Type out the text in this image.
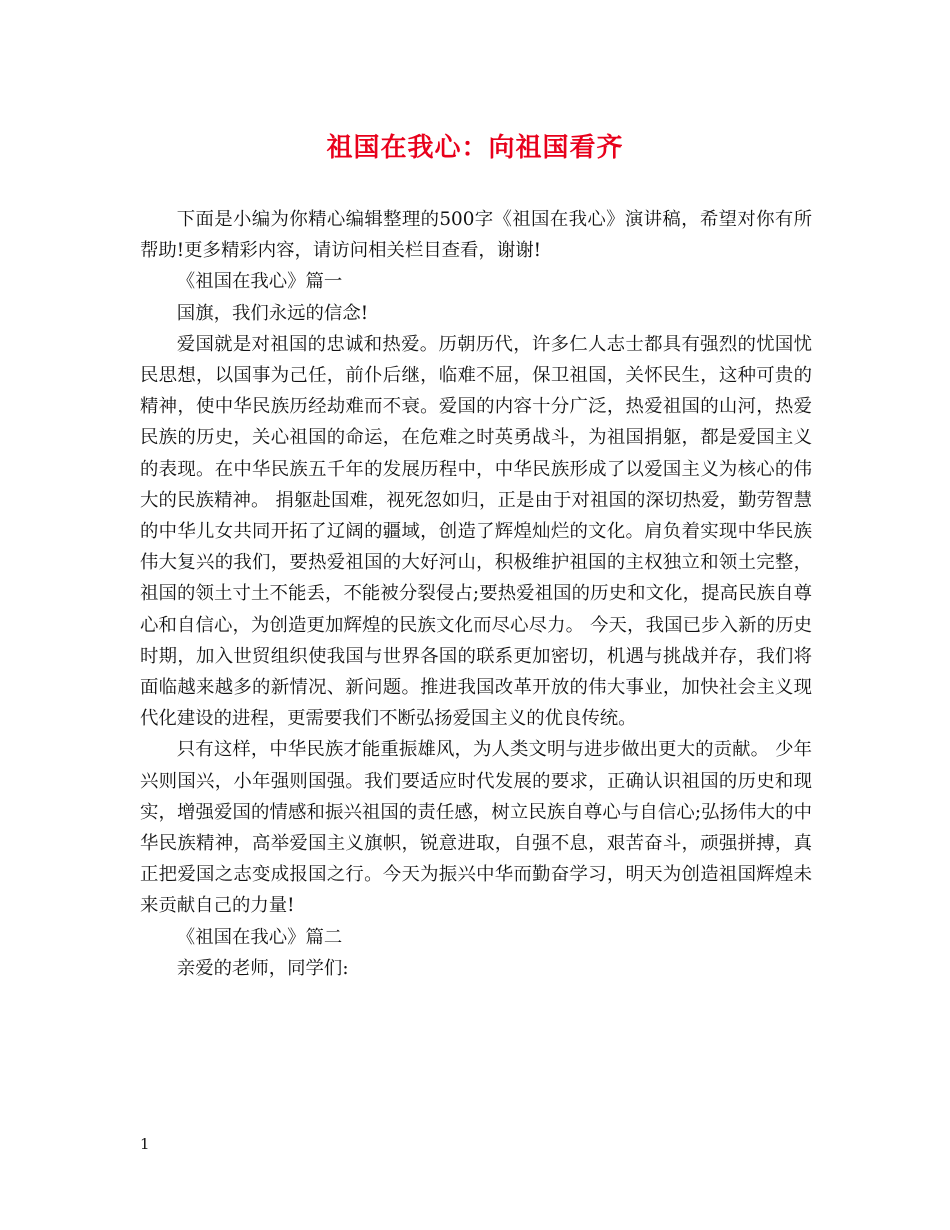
祖国在我心：向祖国看齐

下面是小编为你精心编辑整理的500字《祖国在我心》演讲稿，希望对你有所帮助!更多精彩内容，请访问相关栏目查看，谢谢!

《祖国在我心》篇一

国旗，我们永远的信念!

爱国就是对祖国的忠诚和热爱。历朝历代，许多仁人志士都具有强烈的忧国忧民思想，以国事为己任，前仆后继，临难不屈，保卫祖国，关怀民生，这种可贵的精神，使中华民族历经劫难而不衰。爱国的内容十分广泛，热爱祖国的山河，热爱民族的历史，关心祖国的命运，在危难之时英勇战斗，为祖国捐躯，都是爱国主义的表现。在中华民族五千年的发展历程中，中华民族形成了以爱国主义为核心的伟大的民族精神。 捐躯赴国难，视死忽如归，正是由于对祖国的深切热爱，勤劳智慧的中华儿女共同开拓了辽阔的疆域，创造了辉煌灿烂的文化。肩负着实现中华民族伟大复兴的我们，要热爱祖国的大好河山，积极维护祖国的主权独立和领土完整，祖国的领土寸土不能丢，不能被分裂侵占;要热爱祖国的历史和文化，提高民族自尊心和自信心，为创造更加辉煌的民族文化而尽心尽力。 今天，我国已步入新的历史时期，加入世贸组织使我国与世界各国的联系更加密切，机遇与挑战并存，我们将面临越来越多的新情况、新问题。推进我国改革开放的伟大事业，加快社会主义现代化建设的进程，更需要我们不断弘扬爱国主义的优良传统。

只有这样，中华民族才能重振雄风，为人类文明与进步做出更大的贡献。 少年兴则国兴，小年强则国强。我们要适应时代发展的要求，正确认识祖国的历史和现实，增强爱国的情感和振兴祖国的责任感，树立民族自尊心与自信心;弘扬伟大的中华民族精神，高举爱国主义旗帜，锐意进取，自强不息，艰苦奋斗，顽强拼搏，真正把爱国之志变成报国之行。今天为振兴中华而勤奋学习，明天为创造祖国辉煌未来贡献自己的力量!

《祖国在我心》篇二

亲爱的老师，同学们:

1
